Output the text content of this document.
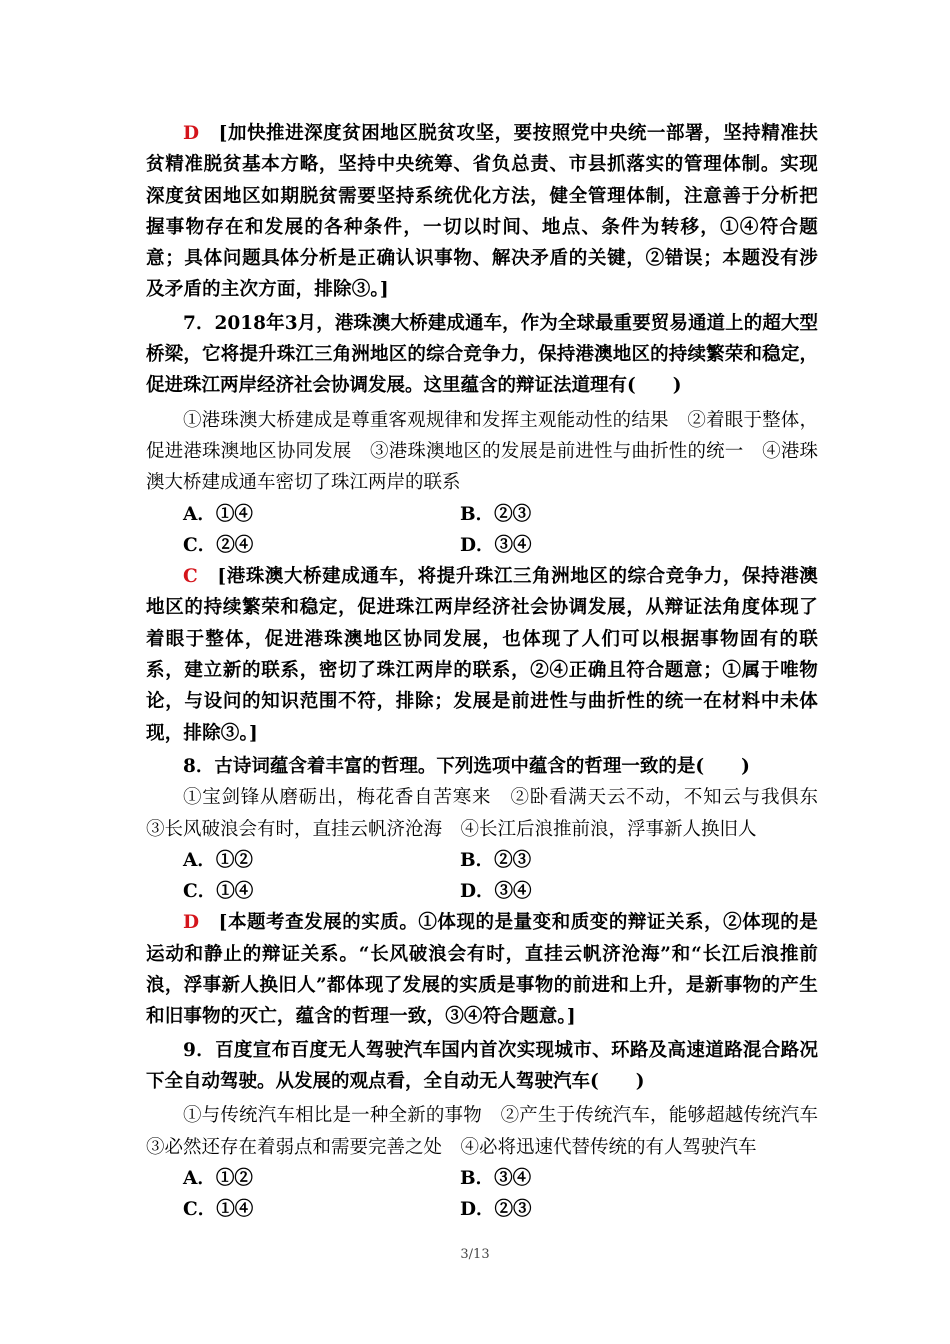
D　 [加快推进深度贫困地区脱贫攻坚，要按照党中央统一部署，坚持精准扶贫精准脱贫基本方略，坚持中央统筹、省负总责、市县抓落实的管理体制。实现深度贫困地区如期脱贫需要坚持系统优化方法，健全管理体制，注意善于分析把握事物存在和发展的各种条件，一切以时间、地点、条件为转移，①④符合题意；具体问题具体分析是正确认识事物、解决矛盾的关键，②错误；本题没有涉及矛盾的主次方面，排除③。]

7．2018年3月，港珠澳大桥建成通车，作为全球最重要贸易通道上的超大型桥梁，它将提升珠江三角洲地区的综合竞争力，保持港澳地区的持续繁荣和稳定，促进珠江两岸经济社会协调发展。这里蕴含的辩证法道理有(　　)

①港珠澳大桥建成是尊重客观规律和发挥主观能动性的结果　②着眼于整体，促进港珠澳地区协同发展　③港珠澳地区的发展是前进性与曲折性的统一　④港珠澳大桥建成通车密切了珠江两岸的联系

A．①④	B．②③
C．②④	D．③④

C　 [港珠澳大桥建成通车，将提升珠江三角洲地区的综合竞争力，保持港澳地区的持续繁荣和稳定，促进珠江两岸经济社会协调发展，从辩证法角度体现了着眼于整体，促进港珠澳地区协同发展，也体现了人们可以根据事物固有的联系，建立新的联系，密切了珠江两岸的联系，②④正确且符合题意；①属于唯物论，与设问的知识范围不符，排除；发展是前进性与曲折性的统一在材料中未体现，排除③。]

8．古诗词蕴含着丰富的哲理。下列选项中蕴含的哲理一致的是(　　)

①宝剑锋从磨砺出，梅花香自苦寒来　②卧看满天云不动，不知云与我俱东　③长风破浪会有时，直挂云帆济沧海　④长江后浪推前浪，浮事新人换旧人

A．①②	B．②③
C．①④	D．③④

D　 [本题考查发展的实质。①体现的是量变和质变的辩证关系，②体现的是运动和静止的辩证关系。“长风破浪会有时，直挂云帆济沧海”和“长江后浪推前浪，浮事新人换旧人”都体现了发展的实质是事物的前进和上升，是新事物的产生和旧事物的灭亡，蕴含的哲理一致，③④符合题意。]

9．百度宣布百度无人驾驶汽车国内首次实现城市、环路及高速道路混合路况下全自动驾驶。从发展的观点看，全自动无人驾驶汽车(　　)

①与传统汽车相比是一种全新的事物　②产生于传统汽车，能够超越传统汽车　③必然还存在着弱点和需要完善之处　④必将迅速代替传统的有人驾驶汽车

A．①②	B．③④
C．①④	D．②③
3/13
